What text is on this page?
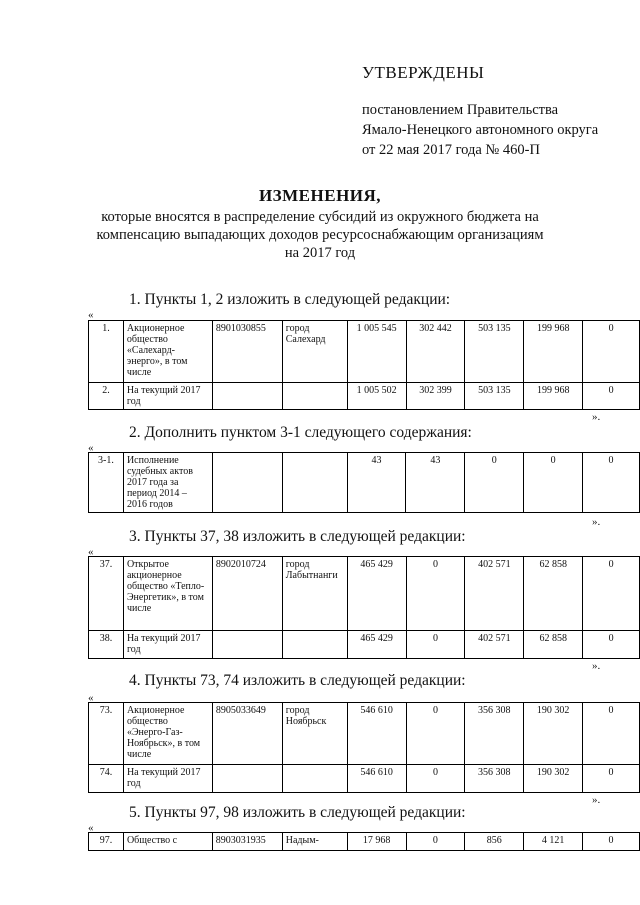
УТВЕРЖДЕНЫ
постановлением Правительства
Ямало-Ненецкого автономного округа
от 22 мая 2017 года № 460-П
ИЗМЕНЕНИЯ,
которые вносятся в распределение субсидий из окружного бюджета на
компенсацию выпадающих доходов ресурсоснабжающим организациям
на 2017 год
1. Пункты 1, 2 изложить в следующей редакции:
«
1.	Акционерное общество «Салехард-энерго», в том числе	8901030855	город Салехард	1 005 545	302 442	503 135	199 968	0
2.	На текущий 2017 год			1 005 502	302 399	503 135	199 968	0
».
2. Дополнить пунктом 3-1 следующего содержания:
«
3-1.	Исполнение судебных актов 2017 года за период 2014 – 2016 годов			43	43	0	0	0
».
3. Пункты 37, 38 изложить в следующей редакции:
«
37.	Открытое акционерное общество «Тепло-Энергетик», в том числе	8902010724	город Лабытнанги	465 429	0	402 571	62 858	0
38.	На текущий 2017 год			465 429	0	402 571	62 858	0
».
4. Пункты 73, 74 изложить в следующей редакции:
«
73.	Акционерное общество «Энерго-Газ-Ноябрьск», в том числе	8905033649	город Ноябрьск	546 610	0	356 308	190 302	0
74.	На текущий 2017 год			546 610	0	356 308	190 302	0
».
5. Пункты 97, 98 изложить в следующей редакции:
«
97.	Общество с	8903031935	Надым-	17 968	0	856	4 121	0
